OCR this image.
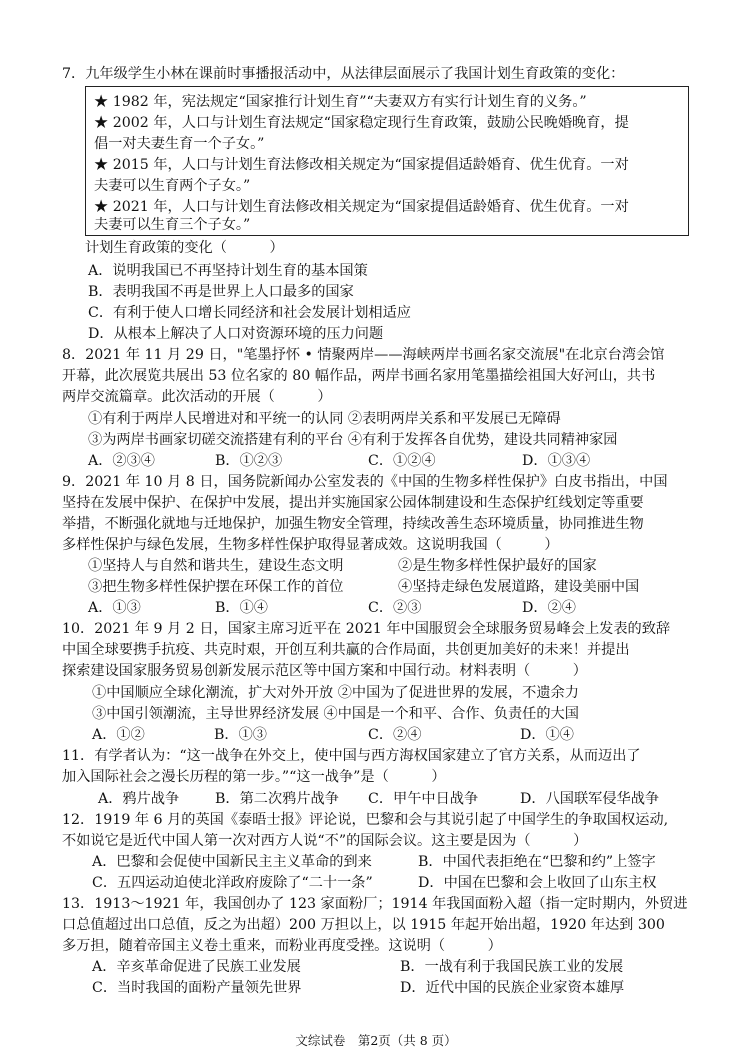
7．九年级学生小林在课前时事播报活动中，从法律层面展示了我国计划生育政策的变化：
★ 1982 年，宪法规定“国家推行计划生育”“夫妻双方有实行计划生育的义务。”
★ 2002 年，人口与计划生育法规定“国家稳定现行生育政策，鼓励公民晚婚晚育，提
倡一对夫妻生育一个子女。”
★ 2015 年，人口与计划生育法修改相关规定为“国家提倡适龄婚育、优生优育。一对
夫妻可以生育两个子女。”
★ 2021 年，人口与计划生育法修改相关规定为“国家提倡适龄婚育、优生优育。一对
夫妻可以生育三个子女。”
计划生育政策的变化（　　　）
A．说明我国已不再坚持计划生育的基本国策
B．表明我国不再是世界上人口最多的国家
C．有利于使人口增长同经济和社会发展计划相适应
D．从根本上解决了人口对资源环境的压力问题
8．2021 年 11 月 29 日，"笔墨抒怀 • 情聚两岸——海峡两岸书画名家交流展"在北京台湾会馆
开幕，此次展览共展出 53 位名家的 80 幅作品，两岸书画名家用笔墨描绘祖国大好河山，共书
两岸交流篇章。此次活动的开展（　　　）
①有利于两岸人民增进对和平统一的认同 ②表明两岸关系和平发展已无障碍
③为两岸书画家切磋交流搭建有利的平台 ④有利于发挥各自优势，建设共同精神家园
A．②③④	B．①②③	C．①②④	D．①③④
9．2021 年 10 月 8 日，国务院新闻办公室发表的《中国的生物多样性保护》白皮书指出，中国
坚持在发展中保护、在保护中发展，提出并实施国家公园体制建设和生态保护红线划定等重要
举措，不断强化就地与迁地保护，加强生物安全管理，持续改善生态环境质量，协同推进生物
多样性保护与绿色发展，生物多样性保护取得显著成效。这说明我国（　　　）
①坚持人与自然和谐共生，建设生态文明	②是生物多样性保护最好的国家
③把生物多样性保护摆在环保工作的首位	④坚持走绿色发展道路，建设美丽中国
A．①③	B．①④	C．②③	D．②④
10．2021 年 9 月 2 日，国家主席习近平在 2021 年中国服贸会全球服务贸易峰会上发表的致辞
中国全球要携手抗疫、共克时艰，开创互利共赢的合作局面，共创更加美好的未来！并提出
探索建设国家服务贸易创新发展示范区等中国方案和中国行动。材料表明（　　　）
①中国顺应全球化潮流，扩大对外开放 ②中国为了促进世界的发展，不遗余力
③中国引领潮流，主导世界经济发展 ④中国是一个和平、合作、负责任的大国
A．①②	B．①③	C．②④	D．①④
11．有学者认为：“这一战争在外交上，使中国与西方海权国家建立了官方关系，从而迈出了
加入国际社会之漫长历程的第一步。”“这一战争”是（　　　）
A．鸦片战争	B．第二次鸦片战争 C．甲午中日战争	D．八国联军侵华战争
12．1919 年 6 月的英国《泰晤士报》评论说，巴黎和会与其说引起了中国学生的争取国权运动,
不如说它是近代中国人第一次对西方人说“不”的国际会议。这主要是因为（　　　）
A．巴黎和会促使中国新民主主义革命的到来	B．中国代表拒绝在“巴黎和约”上签字
C．五四运动迫使北洋政府废除了“二十一条”	D．中国在巴黎和会上收回了山东主权
13．1913～1921 年，我国创办了 123 家面粉厂；1914 年我国面粉入超（指一定时期内，外贸进
口总值超过出口总值，反之为出超）200 万担以上，以 1915 年起开始出超，1920 年达到 300
多万担，随着帝国主义卷土重来，而粉业再度受挫。这说明（　　　）
A．辛亥革命促进了民族工业发展	B．一战有利于我国民族工业的发展
C．当时我国的面粉产量领先世界	D．近代中国的民族企业家资本雄厚
文综试卷　第2页（共 8 页）
